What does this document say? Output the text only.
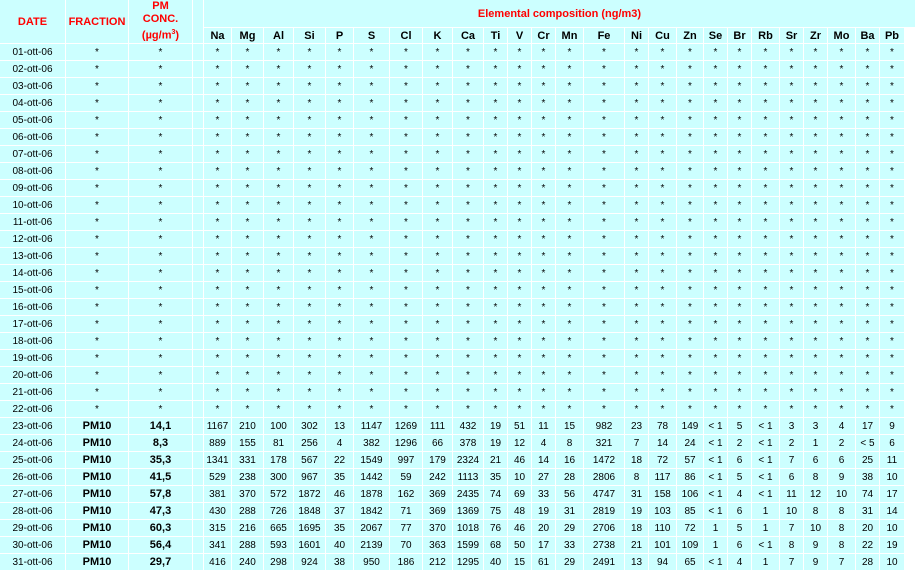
DATE	FRACTION
PM
CONC.
$(\mu g/m^3)$
Elemental composition (ng/m3)
Na	Mg	Al	Si	P	S	Cl	K	Ca	Ti	V	Cr	Mn	Fe	Ni	Cu	Zn	Se	Br	Rb	Sr	Zr	Mo	Ba Pb
01-ott-06	*	*	*	*	*	*	*	*	*	*	*	*	*	*	*	*	*	*	*	*	*	*	*	*	*	*	*
02-ott-06	*	*	*	*	*	*	*	*	*	*	*	*	*	*	*	*	*	*	*	*	*	*	*	*	*	*	*
03-ott-06	*	*	*	*	*	*	*	*	*	*	*	*	*	*	*	*	*	*	*	*	*	*	*	*	*	*	*
04-ott-06	*	*	*	*	*	*	*	*	*	*	*	*	*	*	*	*	*	*	*	*	*	*	*	*	*	*	*
05-ott-06	*	*	*	*	*	*	*	*	*	*	*	*	*	*	*	*	*	*	*	*	*	*	*	*	*	*	*
06-ott-06	*	*	*	*	*	*	*	*	*	*	*	*	*	*	*	*	*	*	*	*	*	*	*	*	*	*	*
07-ott-06	*	*	*	*	*	*	*	*	*	*	*	*	*	*	*	*	*	*	*	*	*	*	*	*	*	*	*
08-ott-06	*	*	*	*	*	*	*	*	*	*	*	*	*	*	*	*	*	*	*	*	*	*	*	*	*	*	*
09-ott-06	*	*	*	*	*	*	*	*	*	*	*	*	*	*	*	*	*	*	*	*	*	*	*	*	*	*	*
10-ott-06	*	*	*	*	*	*	*	*	*	*	*	*	*	*	*	*	*	*	*	*	*	*	*	*	*	*	*
11-ott-06	*	*	*	*	*	*	*	*	*	*	*	*	*	*	*	*	*	*	*	*	*	*	*	*	*	*	*
12-ott-06	*	*	*	*	*	*	*	*	*	*	*	*	*	*	*	*	*	*	*	*	*	*	*	*	*	*	*
13-ott-06	*	*	*	*	*	*	*	*	*	*	*	*	*	*	*	*	*	*	*	*	*	*	*	*	*	*	*
14-ott-06	*	*	*	*	*	*	*	*	*	*	*	*	*	*	*	*	*	*	*	*	*	*	*	*	*	*	*
15-ott-06	*	*	*	*	*	*	*	*	*	*	*	*	*	*	*	*	*	*	*	*	*	*	*	*	*	*	*
16-ott-06	*	*	*	*	*	*	*	*	*	*	*	*	*	*	*	*	*	*	*	*	*	*	*	*	*	*	*
17-ott-06	*	*	*	*	*	*	*	*	*	*	*	*	*	*	*	*	*	*	*	*	*	*	*	*	*	*	*
18-ott-06	*	*	*	*	*	*	*	*	*	*	*	*	*	*	*	*	*	*	*	*	*	*	*	*	*	*	*
19-ott-06	*	*	*	*	*	*	*	*	*	*	*	*	*	*	*	*	*	*	*	*	*	*	*	*	*	*	*
20-ott-06	*	*	*	*	*	*	*	*	*	*	*	*	*	*	*	*	*	*	*	*	*	*	*	*	*	*	*
21-ott-06	*	*	*	*	*	*	*	*	*	*	*	*	*	*	*	*	*	*	*	*	*	*	*	*	*	*	*
22-ott-06	*	*	*	*	*	*	*	*	*	*	*	*	*	*	*	*	*	*	*	*	*	*	*	*	*	*	*
23-ott-06	PM10	14,1	1167	210	100	302	13	1147	1269	111	432	19	51	11	15	982	23	78	149	< 1	5	< 1	3	3	4	17	9
24-ott-06	PM10	8,3	889	155	81	256	4	382	1296	66	378	19	12	4	8	321	7	14	24	< 1	2	< 1	2	1	2	< 5	6
25-ott-06	PM10	35,3	1341	331	178	567	22	1549	997	179	2324	21	46	14	16	1472	18	72	57	< 1	6	< 1	7	6	6	25	11
26-ott-06	PM10	41,5	529	238	300	967	35	1442	59	242	1113	35	10	27	28	2806	8	117	86	< 1	5	< 1	6	8	9	38	10
27-ott-06	PM10	57,8	381	370	572	1872	46	1878	162	369	2435	74	69	33	56	4747	31	158	106	< 1	4	< 1	11	12	10	74	17
28-ott-06	PM10	47,3	430	288	726	1848	37	1842	71	369	1369	75	48	19	31	2819	19	103	85	< 1	6	1	10	8	8	31	14
29-ott-06	PM10	60,3	315	216	665	1695	35	2067	77	370	1018	76	46	20	29	2706	18	110	72	1	5	1	7	10	8	20	10
30-ott-06	PM10	56,4	341	288	593	1601	40	2139	70	363	1599	68	50	17	33	2738	21	101	109	1	6	< 1	8	9	8	22	19
31-ott-06	PM10	29,7	416	240	298	924	38	950	186	212	1295	40	15	61	29	2491	13	94	65	< 1	4	1	7	9	7	28	10
